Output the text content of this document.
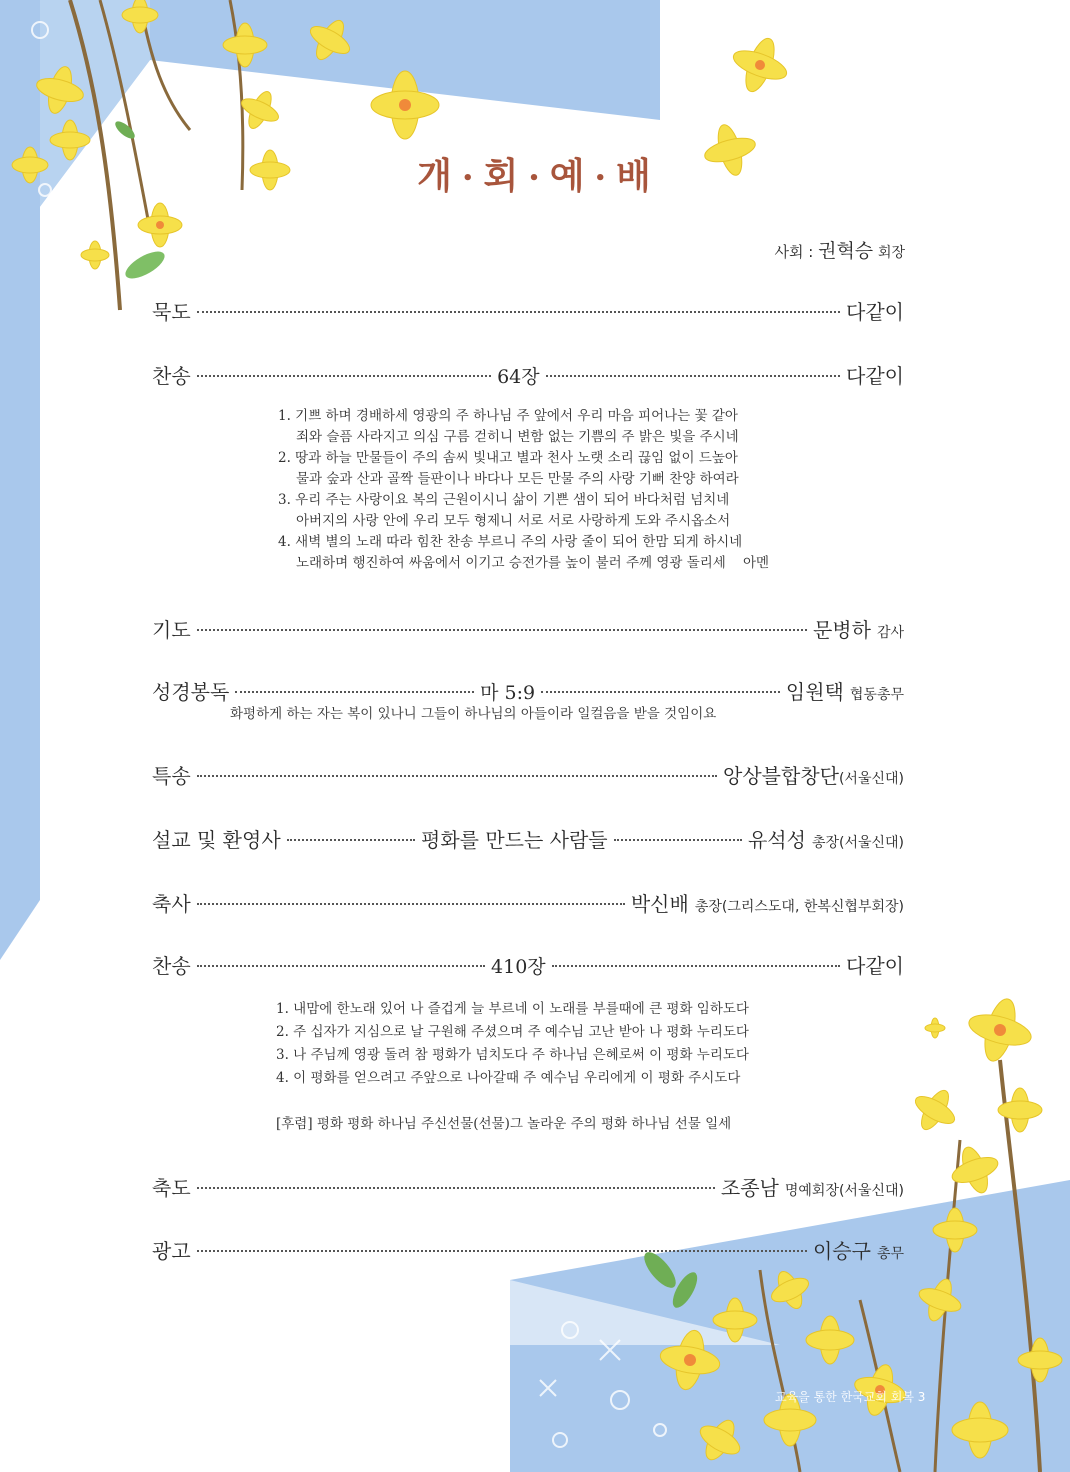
개 • 회 • 예 • 배
사회 : 권혁승 회장
묵도	다같이
찬송	64장	다같이
1. 기쁘 하며 경배하세 영광의 주 하나님 주 앞에서 우리 마음 피어나는 꽃 같아
죄와 슬픔 사라지고 의심 구름 걷히니 변함 없는 기쁨의 주 밝은 빛을 주시네
2. 땅과 하늘 만물들이 주의 솜씨 빛내고 별과 천사 노랫 소리 끊임 없이 드높아
물과 숲과 산과 골짝 들판이나 바다나 모든 만물 주의 사랑 기뻐 찬양 하여라
3. 우리 주는 사랑이요 복의 근원이시니 삶이 기쁜 샘이 되어 바다처럼 넘치네
아버지의 사랑 안에 우리 모두 형제니 서로 서로 사랑하게 도와 주시옵소서
4. 새벽 별의 노래 따라 힘찬 찬송 부르니 주의 사랑 줄이 되어 한맘 되게 하시네
노래하며 행진하여 싸움에서 이기고 승전가를 높이 불러 주께 영광 돌리세    아멘
기도	문병하 감사
성경봉독	마 5:9	임원택 협동총무
화평하게 하는 자는 복이 있나니 그들이 하나님의 아들이라 일컬음을 받을 것임이요
특송	앙상블합창단 (서울신대)
설교 및 환영사	평화를 만드는 사람들	유석성 총장(서울신대)
축사	박신배 총장(그리스도대, 한복신협부회장)
찬송	410장	다같이
1. 내맘에 한노래 있어 나 즐겁게 늘 부르네 이 노래를 부를때에 큰 평화 임하도다
2. 주 십자가 지심으로 날 구원해 주셨으며 주 예수님 고난 받아 나 평화 누리도다
3. 나 주님께 영광 돌려 참 평화가 넘치도다 주 하나님 은혜로써 이 평화 누리도다
4. 이 평화를 얻으려고 주앞으로 나아갈때 주 예수님 우리에게 이 평화 주시도다
[후렴] 평화 평화 하나님 주신선물(선물)그 놀라운 주의 평화 하나님 선물 일세
축도	조종남 명예회장(서울신대)
광고	이승구 총무
교육을 통한 한국교회 회복 3
